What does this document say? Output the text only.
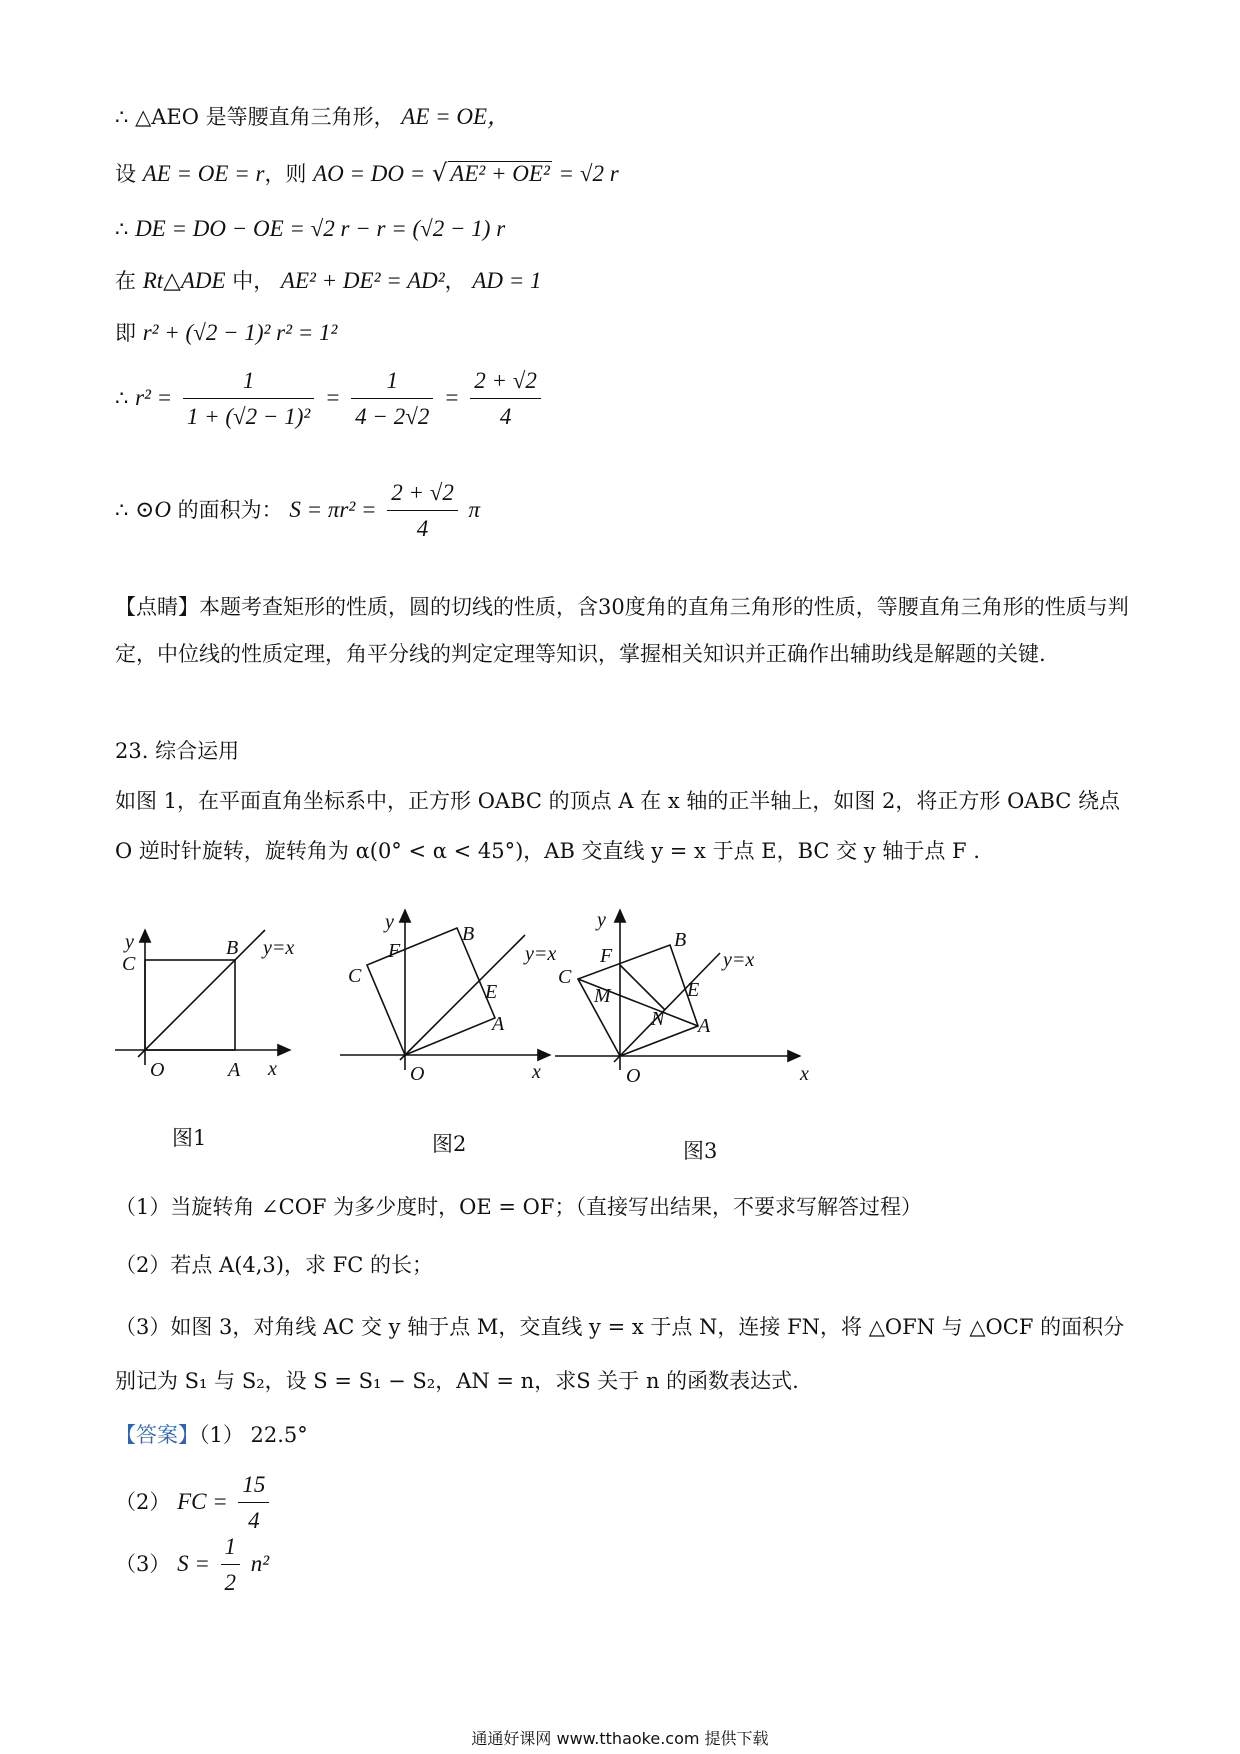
∴ △AEO 是等腰直角三角形， AE = OE，
设 AE = OE = r，则 AO = DO = √ AE² + OE² = √2 r
∴ DE = DO − OE = √2 r − r = (√2 − 1) r
在 Rt△ADE 中， AE² + DE² = AD²， AD = 1
即 r² + (√2 − 1)² r² = 1²
∴ $r^2 = \frac{1}{\text{1 + (√2 − 1)²}} = \frac{1}{4 - 2√2} = \frac{2 + √2}{4}$
∴ ⊙O 的面积为： $S = \pi r^2 = \frac{2 + √2}{4}$ π
【点睛】本题考查矩形的性质，圆的切线的性质，含30度角的直角三角形的性质，等腰直角三角形的性质与判定，中位线的性质定理，角平分线的判定定理等知识，掌握相关知识并正确作出辅助线是解题的关键.
23. 综合运用
如图 1，在平面直角坐标系中，正方形 OABC 的顶点 A 在 x 轴的正半轴上，如图 2，将正方形 OABC 绕点 O 逆时针旋转，旋转角为 α(0° < α < 45°)，AB 交直线 y = x 于点 E，BC 交 y 轴于点 F .
y
C
B y=x
O	A x
y
F
B
y=x
C
E
A
O	x
y
F
B
y=x
C
M	E
N A
O	x
图1	图2	图3
（1）当旋转角 ∠COF 为多少度时，OE = OF；（直接写出结果，不要求写解答过程）
（2）若点 A(4,3)，求 FC 的长；
（3）如图 3，对角线 AC 交 y 轴于点 M，交直线 y = x 于点 N，连接 FN，将 △OFN 与 △OCF 的面积分别记为 S₁ 与 S₂，设 S = S₁ − S₂，AN = n，求S 关于 n 的函数表达式.
【答案】（1） 22.5°
（2） FC = $\frac{15}{4}$
（3） $S = \frac{1}{2} n^2$
通通好课网 www.tthaoke.com 提供下载
